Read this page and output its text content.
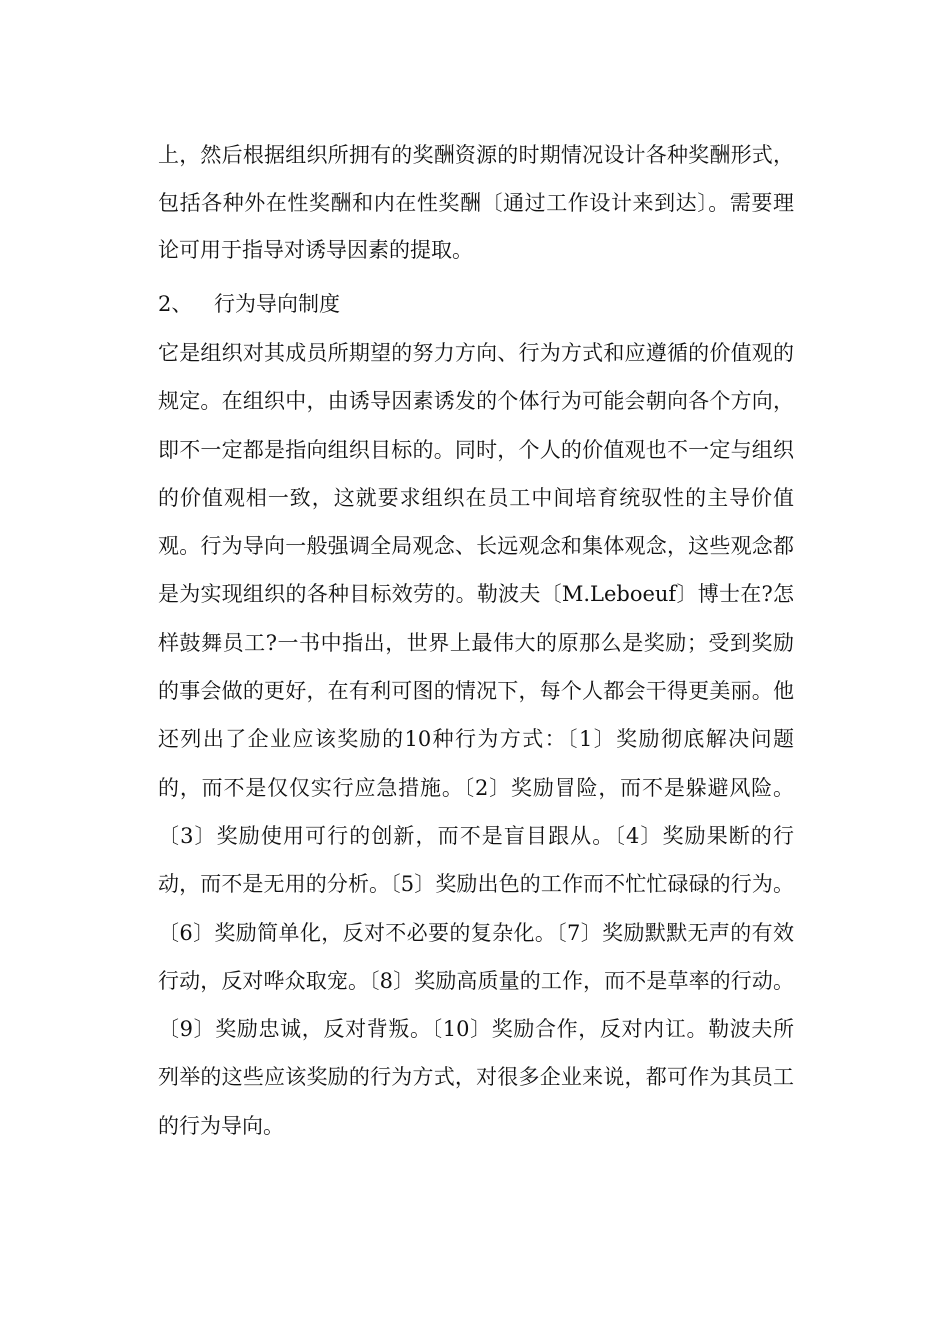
上，然后根据组织所拥有的奖酬资源的时期情况设计各种奖酬形式，包括各种外在性奖酬和内在性奖酬〔通过工作设计来到达〕。需要理论可用于指导对诱导因素的提取。

2、 行为导向制度

它是组织对其成员所期望的努力方向、行为方式和应遵循的价值观的规定。在组织中，由诱导因素诱发的个体行为可能会朝向各个方向，即不一定都是指向组织目标的。同时，个人的价值观也不一定与组织的价值观相一致，这就要求组织在员工中间培育统驭性的主导价值观。行为导向一般强调全局观念、长远观念和集体观念，这些观念都是为实现组织的各种目标效劳的。勒波夫〔M.Leboeuf〕博士在?怎样鼓舞员工?一书中指出，世界上最伟大的原那么是奖励；受到奖励的事会做的更好，在有利可图的情况下，每个人都会干得更美丽。他还列出了企业应该奖励的10种行为方式：〔1〕奖励彻底解决问题的，而不是仅仅实行应急措施。〔2〕奖励冒险，而不是躲避风险。〔3〕奖励使用可行的创新，而不是盲目跟从。〔4〕奖励果断的行动，而不是无用的分析。〔5〕奖励出色的工作而不忙忙碌碌的行为。〔6〕奖励简单化，反对不必要的复杂化。〔7〕奖励默默无声的有效行动，反对哗众取宠。〔8〕奖励高质量的工作，而不是草率的行动。〔9〕奖励忠诚，反对背叛。〔10〕奖励合作，反对内讧。勒波夫所列举的这些应该奖励的行为方式，对很多企业来说，都可作为其员工的行为导向。
